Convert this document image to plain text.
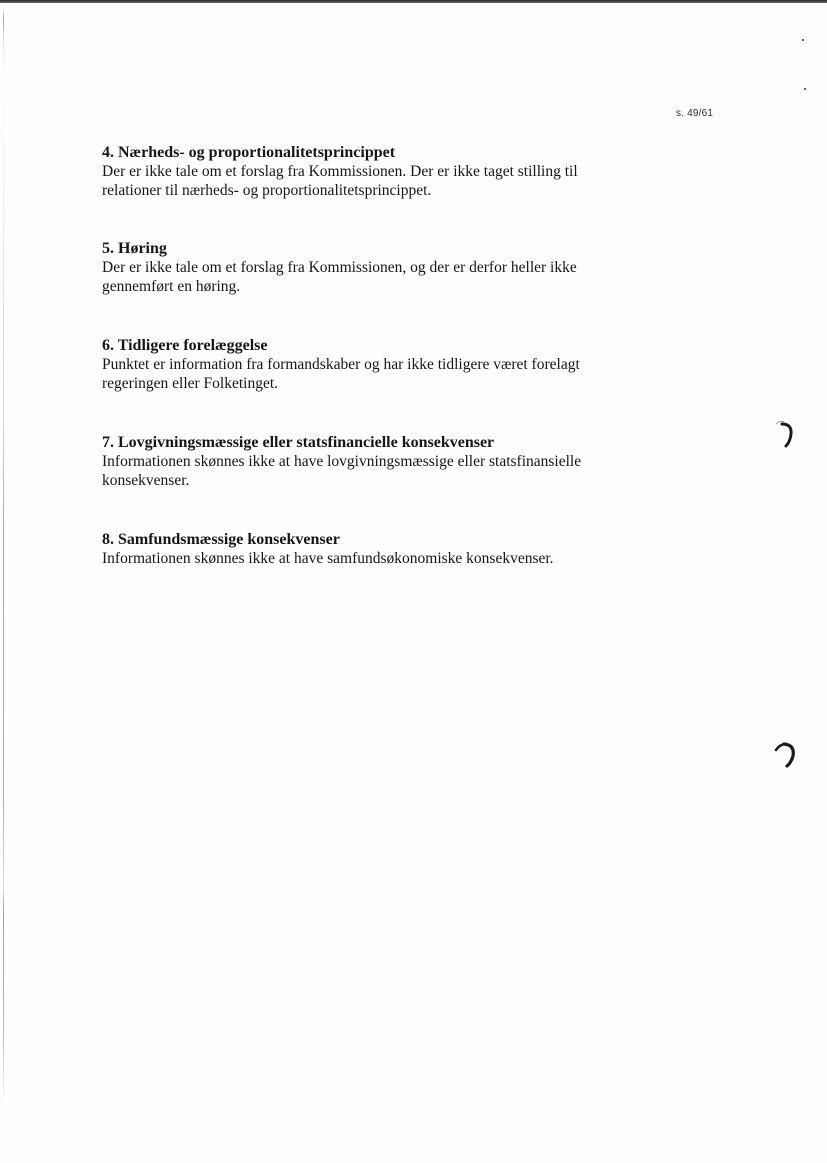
s. 49/61
4. Nærheds- og proportionalitetsprincippet

Der er ikke tale om et forslag fra Kommissionen. Der er ikke taget stilling til

relationer til nærheds- og proportionalitetsprincippet.

5. Høring

Der er ikke tale om et forslag fra Kommissionen, og der er derfor heller ikke

gennemført en høring.

6. Tidligere forelæggelse

Punktet er information fra formandskaber og har ikke tidligere været forelagt

regeringen eller Folketinget.

7. Lovgivningsmæssige eller statsfinancielle konsekvenser

Informationen skønnes ikke at have lovgivningsmæssige eller statsfinansielle

konsekvenser.

8. Samfundsmæssige konsekvenser

Informationen skønnes ikke at have samfundsøkonomiske konsekvenser.
